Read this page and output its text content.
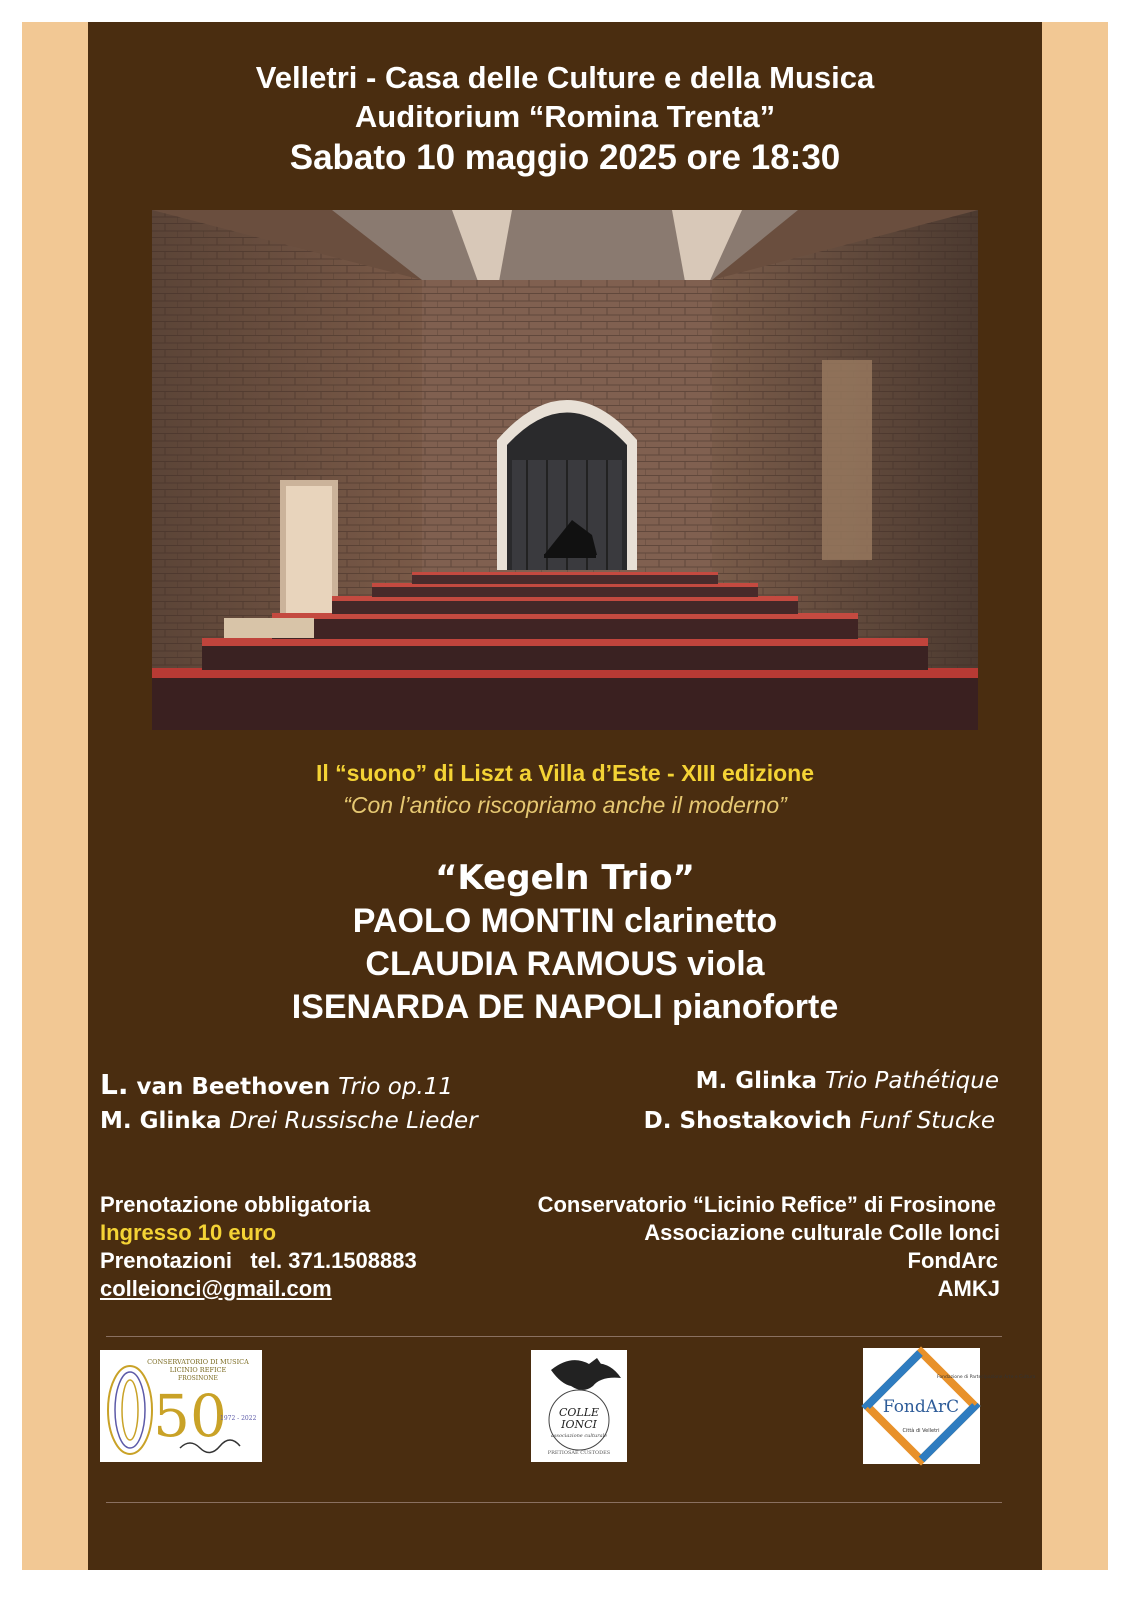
Velletri - Casa delle Culture e della Musica
Auditorium “Romina Trenta”
Sabato 10 maggio 2025 ore 18:30
Il “suono” di Liszt a Villa d’Este - XIII edizione
“Con l’antico riscopriamo anche il moderno”
“Kegeln Trio”
PAOLO MONTIN clarinetto
CLAUDIA RAMOUS viola
ISENARDA DE NAPOLI pianoforte
L. van Beethoven Trio op.11
M. Glinka Drei Russische Lieder
M. Glinka Trio Pathétique
D. Shostakovich Funf Stucke
Prenotazione obbligatoria
Ingresso 10 euro
Prenotazioni   tel. 371.1508883
colleionci@gmail.com
Conservatorio “Licinio Refice” di Frosinone
Associazione culturale Colle Ionci
FondArc
AMKJ
CONSERVATORIO DI MUSICA
LICINIO REFICE
FROSINONE
50
1972 - 2022	COLLE
IONCI
associazione culturale
PRETIOSAE CUSTODES
Fondazione di Partecipazione Arte e Cultura
FondArC
Città di Velletri
